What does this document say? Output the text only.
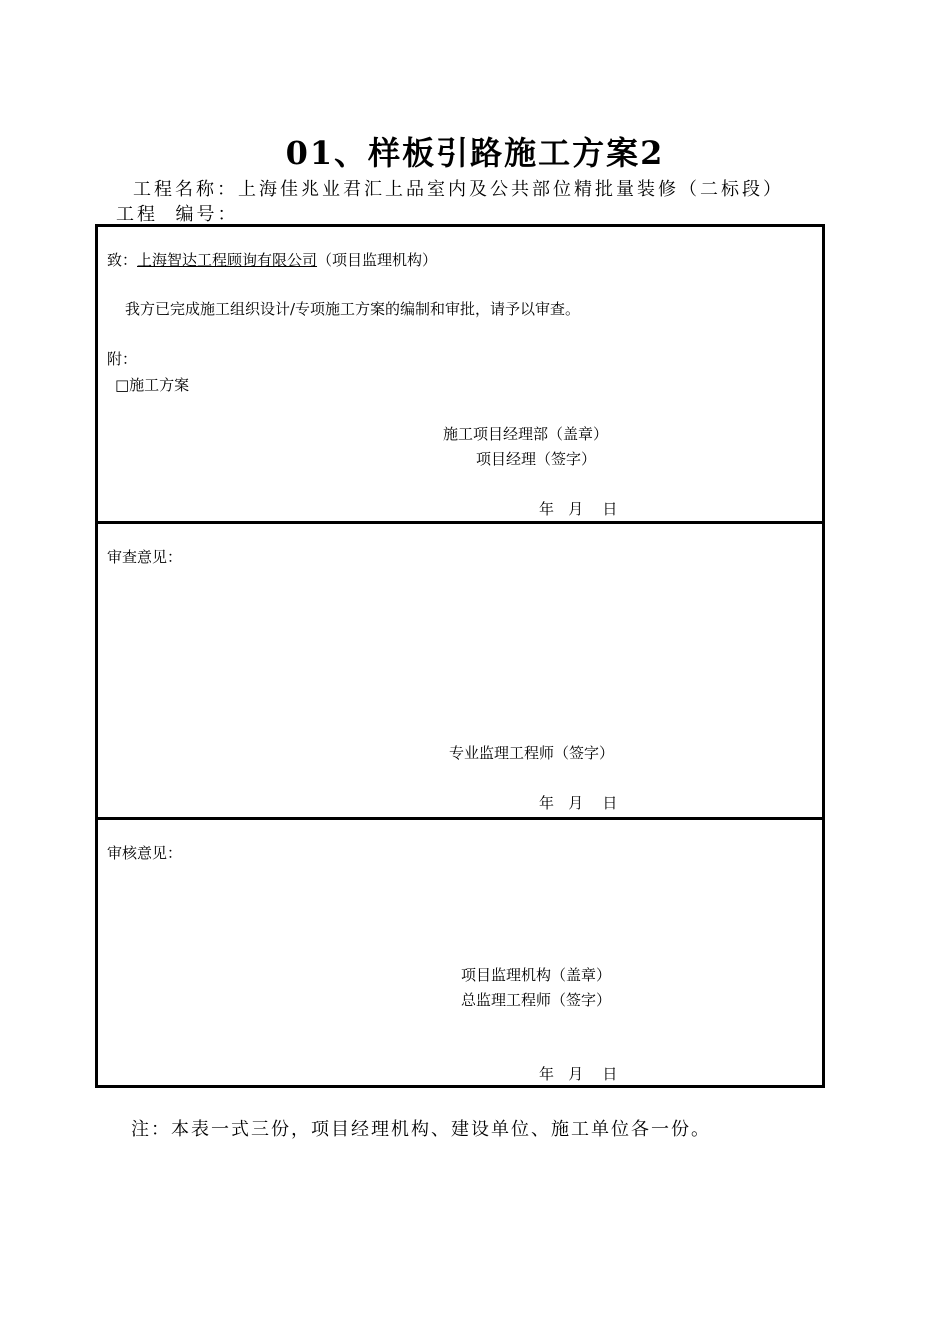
01、样板引路施工方案2
工程名称：上海佳兆业君汇上品室内及公共部位精批量装修（二标段）
工程  编号：
致：上海智达工程顾询有限公司（项目监理机构）
我方已完成施工组织设计/专项施工方案的编制和审批，请予以审查。
附：
□施工方案
施工项目经理部（盖章）
项目经理（签字）
年   月    日
审查意见：
专业监理工程师（签字）
年   月    日
审核意见：
项目监理机构（盖章）
总监理工程师（签字）
年   月    日
注：本表一式三份，项目经理机构、建设单位、施工单位各一份。
